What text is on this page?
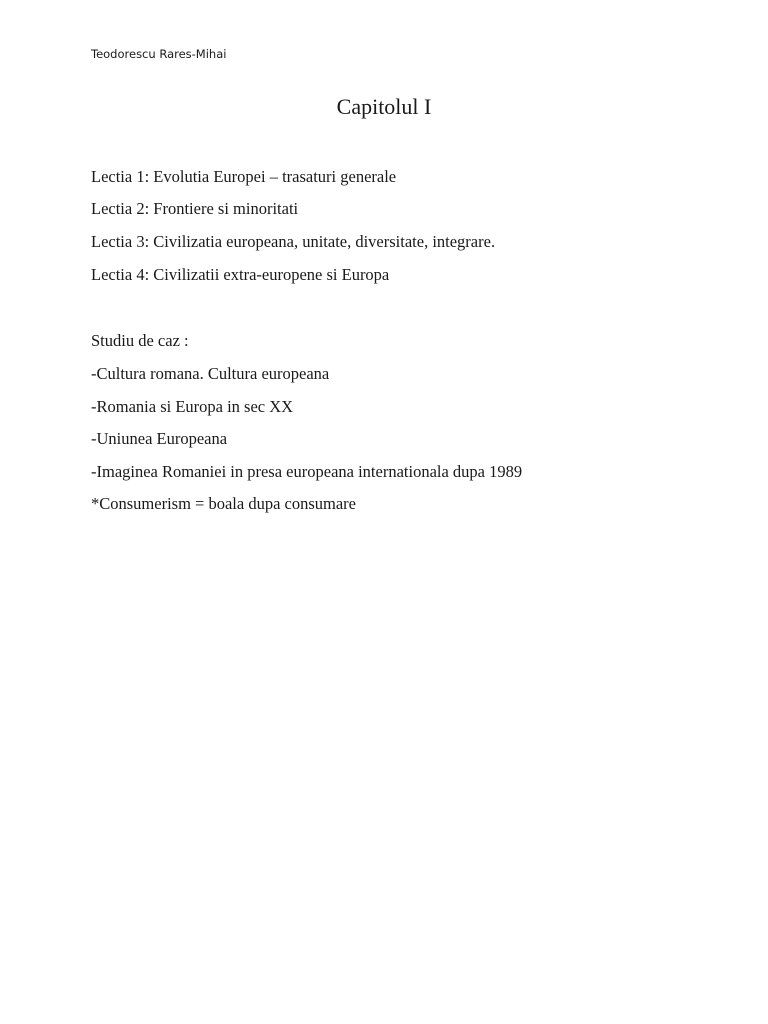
Teodorescu Rares-Mihai
Capitolul I
Lectia 1: Evolutia Europei – trasaturi generale
Lectia 2: Frontiere si minoritati
Lectia 3: Civilizatia europeana, unitate, diversitate, integrare.
Lectia 4: Civilizatii extra-europene si Europa
Studiu de caz :
-Cultura romana. Cultura europeana
-Romania si Europa in sec XX
-Uniunea Europeana
-Imaginea Romaniei in presa europeana internationala dupa 1989
*Consumerism = boala dupa consumare
